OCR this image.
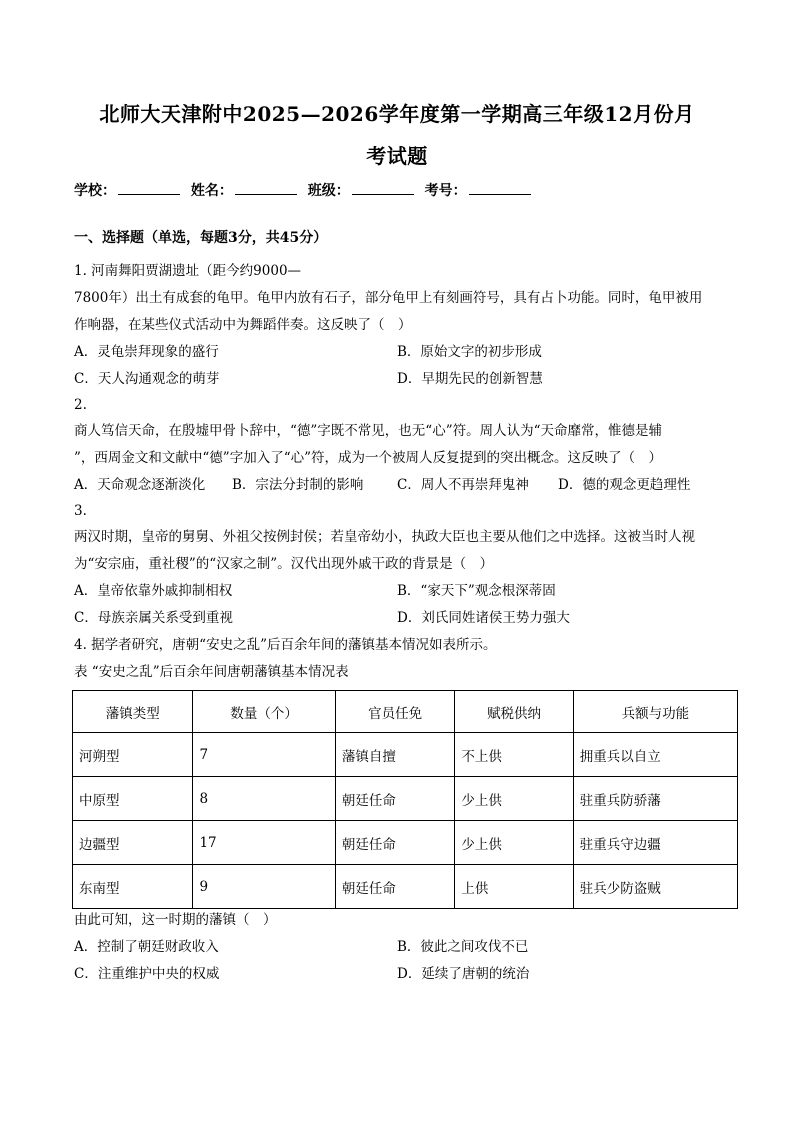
北师大天津附中2025—2026学年度第一学期高三年级12月份月
考试题
学校：	姓名：	班级：	考号：
一、选择题（单选，每题3分，共45分）
1. 河南舞阳贾湖遗址（距今约9000—
7800年）出土有成套的龟甲。龟甲内放有石子，部分龟甲上有刻画符号，具有占卜功能。同时，龟甲被用
作响器，在某些仪式活动中为舞蹈伴奏。这反映了（　）
A．灵龟崇拜现象的盛行	B．原始文字的初步形成
C．天人沟通观念的萌芽	D．早期先民的创新智慧
2.
商人笃信天命，在殷墟甲骨卜辞中，“德”字既不常见，也无“心”符。周人认为“天命靡常，惟德是辅
”，西周金文和文献中“德”字加入了“心”符，成为一个被周人反复提到的突出概念。这反映了（　）
A．天命观念逐渐淡化 B．宗法分封制的影响 C．周人不再崇拜鬼神 D．德的观念更趋理性
3.
两汉时期，皇帝的舅舅、外祖父按例封侯；若皇帝幼小，执政大臣也主要从他们之中选择。这被当时人视
为“安宗庙，重社稷”的“汉家之制”。汉代出现外戚干政的背景是（　）
A．皇帝依靠外戚抑制相权	B．“家天下”观念根深蒂固
C．母族亲属关系受到重视	D．刘氏同姓诸侯王势力强大
4. 据学者研究，唐朝“安史之乱”后百余年间的藩镇基本情况如表所示。
表 “安史之乱”后百余年间唐朝藩镇基本情况表
藩镇类型	数量（个）	官员任免	赋税供纳	兵额与功能
河朔型	7	藩镇自擅	不上供	拥重兵以自立
中原型	8	朝廷任命	少上供	驻重兵防骄藩
边疆型	17	朝廷任命	少上供	驻重兵守边疆
东南型	9	朝廷任命	上供	驻兵少防盗贼
由此可知，这一时期的藩镇（　）
A．控制了朝廷财政收入	B．彼此之间攻伐不已
C．注重维护中央的权威	D．延续了唐朝的统治
